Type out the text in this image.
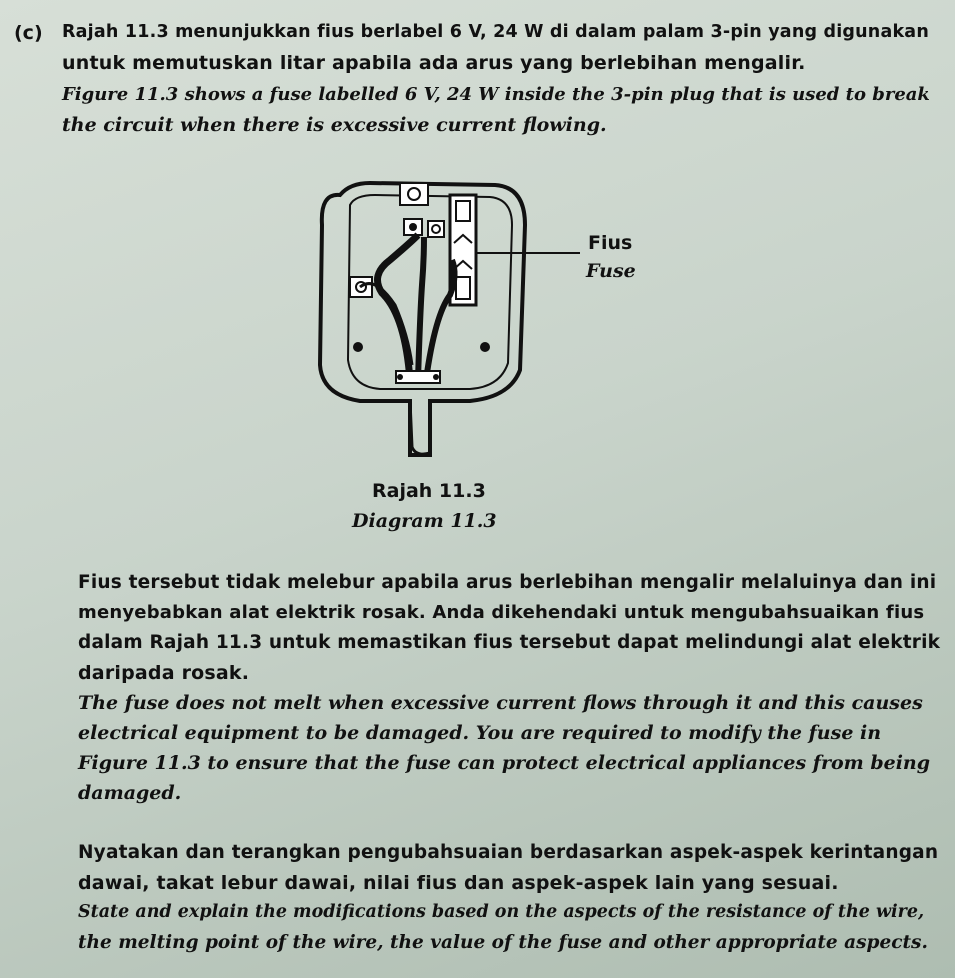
(c) Rajah 11.3 menunjukkan fius berlabel 6 V, 24 W di dalam palam 3-pin yang digunakan
untuk memutuskan litar apabila ada arus yang berlebihan mengalir.
Figure 11.3 shows a fuse labelled 6 V, 24 W inside the 3-pin plug that is used to break
the circuit when there is excessive current flowing.
Fius
Fuse
Rajah 11.3
Diagram 11.3
Fius tersebut tidak melebur apabila arus berlebihan mengalir melaluinya dan ini
menyebabkan alat elektrik rosak. Anda dikehendaki untuk mengubahsuaikan fius
dalam Rajah 11.3 untuk memastikan fius tersebut dapat melindungi alat elektrik
daripada rosak.
The fuse does not melt when excessive current flows through it and this causes
electrical equipment to be damaged. You are required to modify the fuse in
Figure 11.3 to ensure that the fuse can protect electrical appliances from being
damaged.
Nyatakan dan terangkan pengubahsuaian berdasarkan aspek-aspek kerintangan
dawai, takat lebur dawai, nilai fius dan aspek-aspek lain yang sesuai.
State and explain the modifications based on the aspects of the resistance of the wire,
the melting point of the wire, the value of the fuse and other appropriate aspects.
